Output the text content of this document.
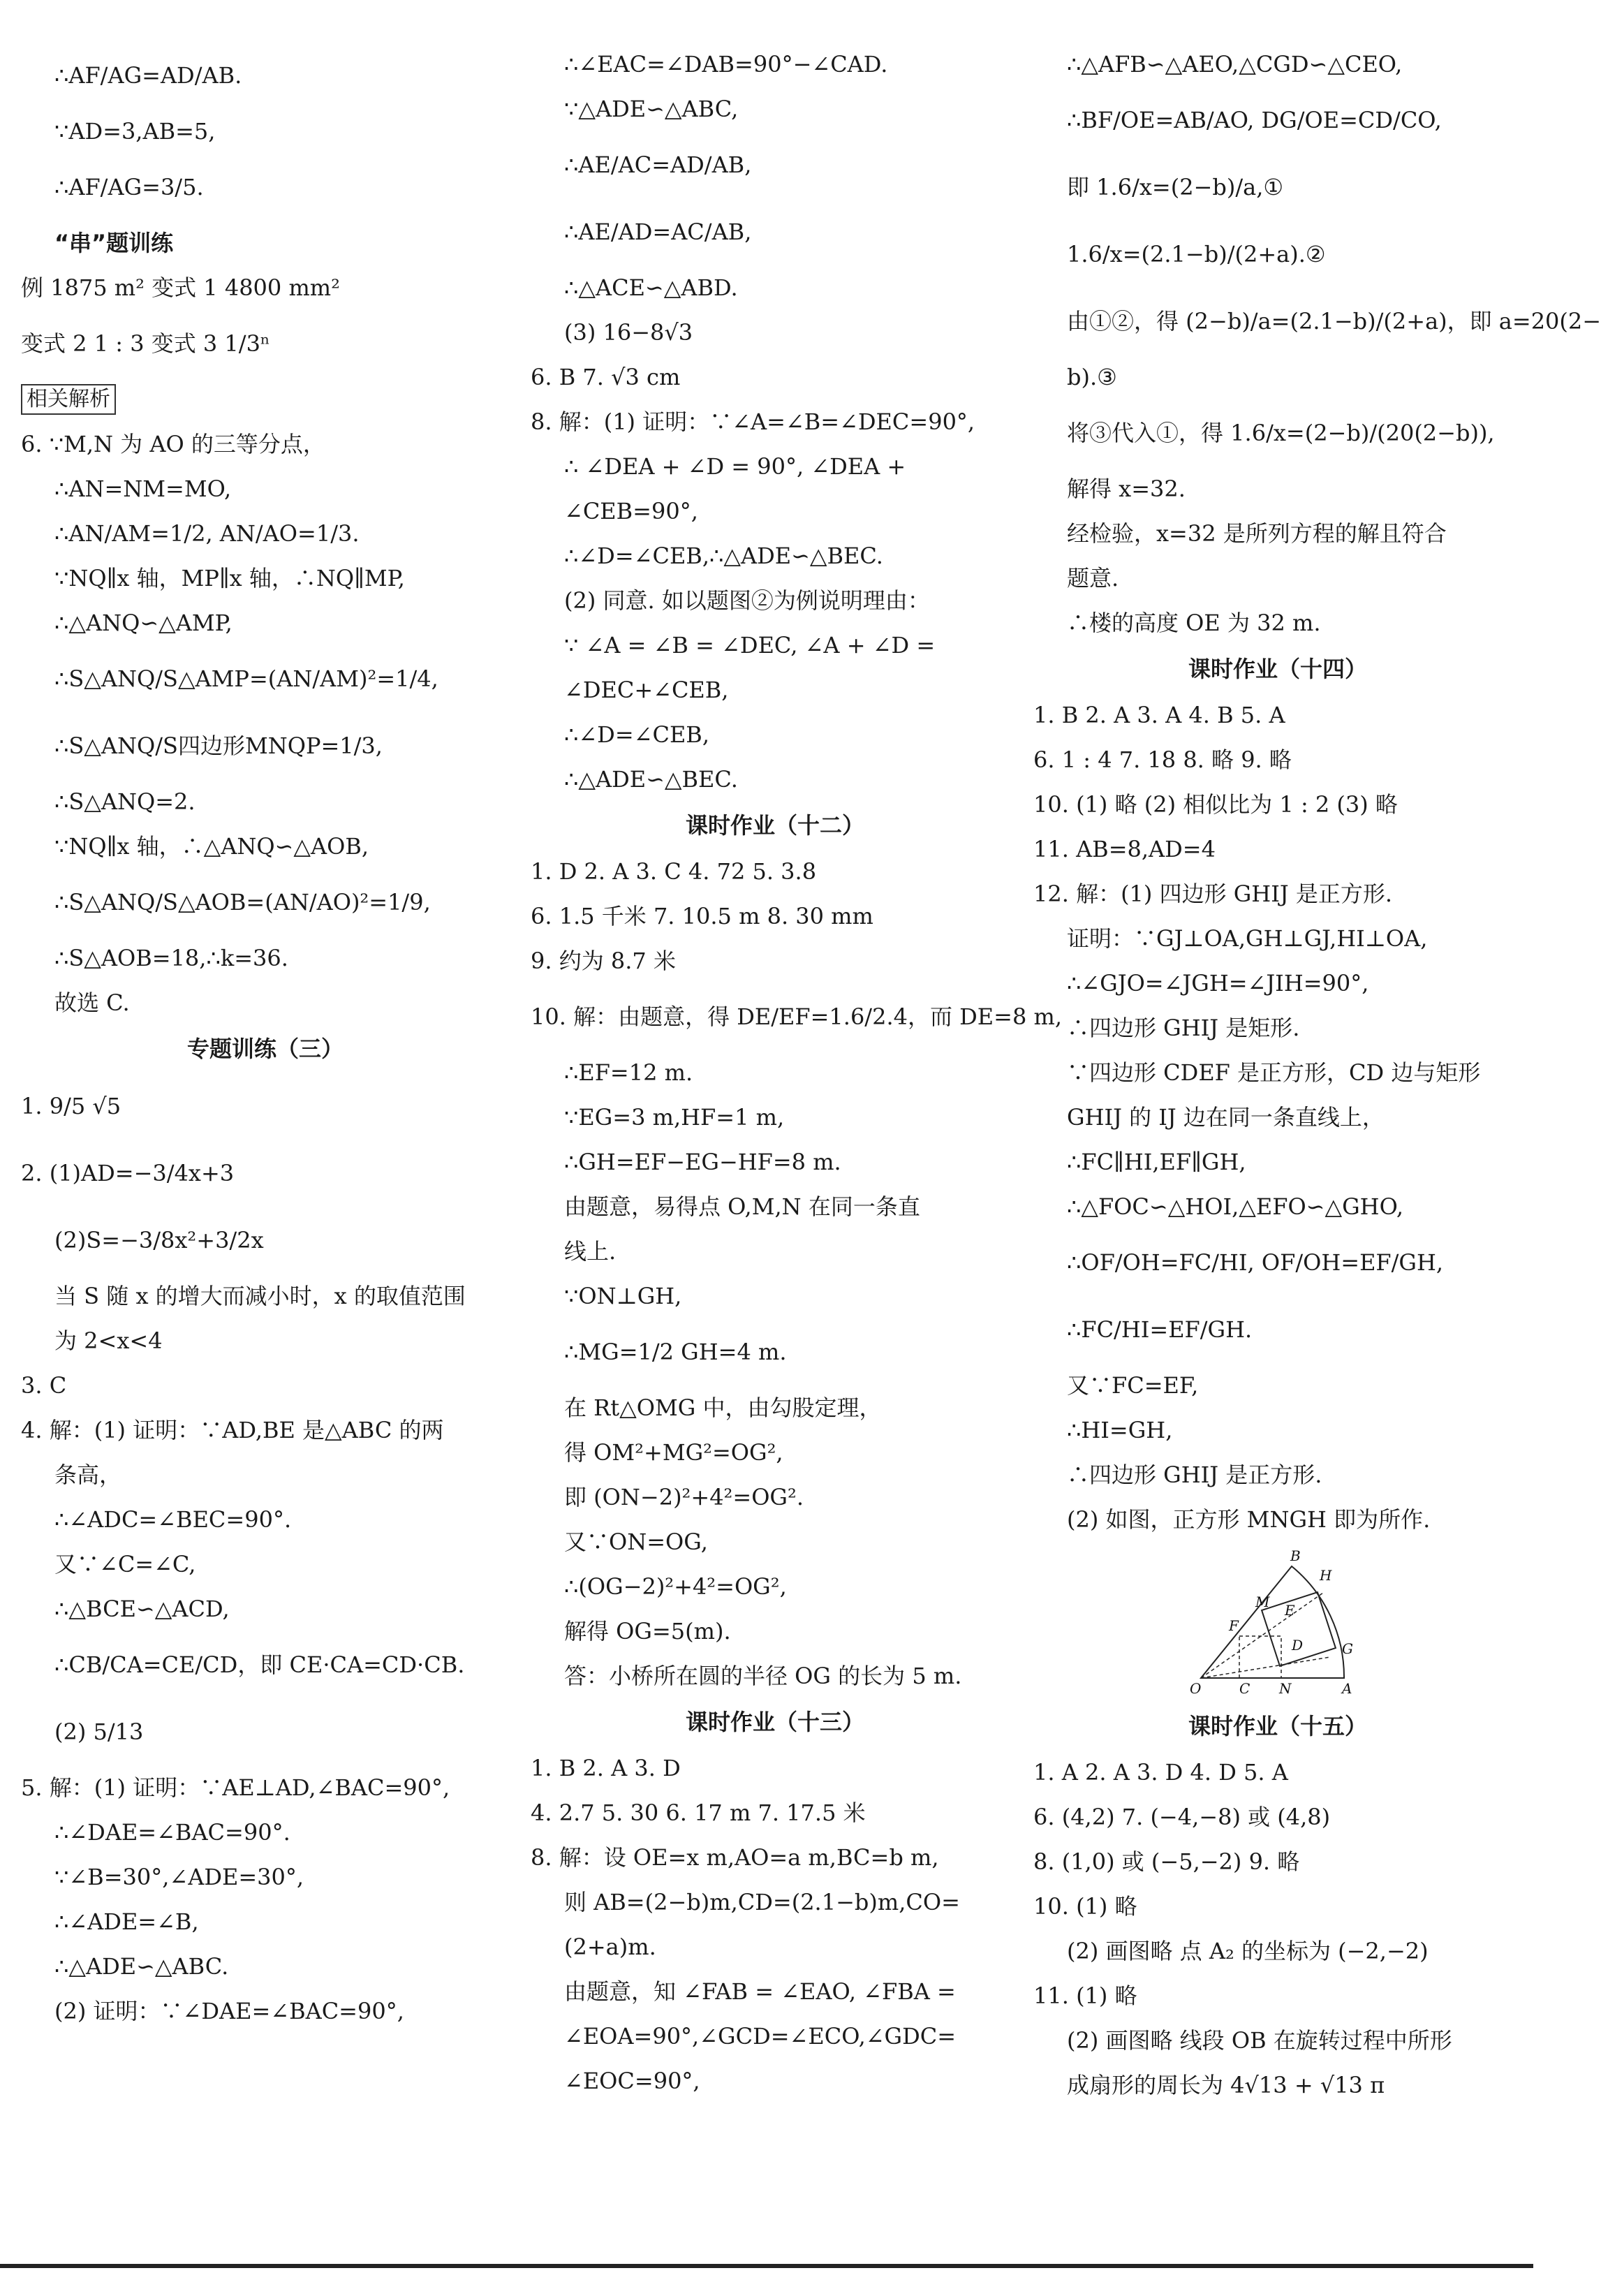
∴AF/AG=AD/AB.
∵AD=3,AB=5,
∴AF/AG=3/5.
“串”题训练
例 1875 m² 变式 1 4800 mm²
变式 2 1 : 3 变式 3 1/3ⁿ
相关解析
6. ∵M,N 为 AO 的三等分点，
∴AN=NM=MO,
∴AN/AM=1/2, AN/AO=1/3.
∵NQ∥x 轴，MP∥x 轴，∴NQ∥MP,
∴△ANQ∽△AMP,
∴S△ANQ/S△AMP=(AN/AM)²=1/4,
∴S△ANQ/S四边形MNQP=1/3,
∴S△ANQ=2.
∵NQ∥x 轴，∴△ANQ∽△AOB,
∴S△ANQ/S△AOB=(AN/AO)²=1/9,
∴S△AOB=18,∴k=36.
故选 C.
专题训练（三）
1. 9/5 √5
2. (1)AD=−3/4x+3
(2)S=−3/8x²+3/2x
当 S 随 x 的增大而减小时，x 的取值范围
为 2<x<4
3. C
4. 解：(1) 证明：∵AD,BE 是△ABC 的两
条高，
∴∠ADC=∠BEC=90°.
又∵∠C=∠C,
∴△BCE∽△ACD,
∴CB/CA=CE/CD，即 CE·CA=CD·CB.
(2) 5/13
5. 解：(1) 证明：∵AE⊥AD,∠BAC=90°,
∴∠DAE=∠BAC=90°.
∵∠B=30°,∠ADE=30°,
∴∠ADE=∠B,
∴△ADE∽△ABC.
(2) 证明：∵∠DAE=∠BAC=90°,
∴∠EAC=∠DAB=90°−∠CAD.
∵△ADE∽△ABC,
∴AE/AC=AD/AB,
∴AE/AD=AC/AB,
∴△ACE∽△ABD.
(3) 16−8√3
6. B 7. √3 cm
8. 解：(1) 证明：∵∠A=∠B=∠DEC=90°,
∴ ∠DEA + ∠D = 90°, ∠DEA +
∠CEB=90°,
∴∠D=∠CEB,∴△ADE∽△BEC.
(2) 同意. 如以题图②为例说明理由：
∵ ∠A = ∠B = ∠DEC, ∠A + ∠D =
∠DEC+∠CEB,
∴∠D=∠CEB,
∴△ADE∽△BEC.
课时作业（十二）
1. D 2. A 3. C 4. 72 5. 3.8
6. 1.5 千米 7. 10.5 m 8. 30 mm
9. 约为 8.7 米
10. 解：由题意，得 DE/EF=1.6/2.4，而 DE=8 m,
∴EF=12 m.
∵EG=3 m,HF=1 m,
∴GH=EF−EG−HF=8 m.
由题意，易得点 O,M,N 在同一条直
线上.
∵ON⊥GH,
∴MG=1/2 GH=4 m.
在 Rt△OMG 中，由勾股定理，
得 OM²+MG²=OG²,
即 (ON−2)²+4²=OG².
又∵ON=OG,
∴(OG−2)²+4²=OG²,
解得 OG=5(m).
答：小桥所在圆的半径 OG 的长为 5 m.
课时作业（十三）
1. B 2. A 3. D
4. 2.7 5. 30 6. 17 m 7. 17.5 米
8. 解：设 OE=x m,AO=a m,BC=b m,
则 AB=(2−b)m,CD=(2.1−b)m,CO=
(2+a)m.
由题意，知 ∠FAB = ∠EAO, ∠FBA =
∠EOA=90°,∠GCD=∠ECO,∠GDC=
∠EOC=90°,
∴△AFB∽△AEO,△CGD∽△CEO,
∴BF/OE=AB/AO, DG/OE=CD/CO,
即 1.6/x=(2−b)/a,①
1.6/x=(2.1−b)/(2+a).②
由①②，得 (2−b)/a=(2.1−b)/(2+a)，即 a=20(2−
b).③
将③代入①，得 1.6/x=(2−b)/(20(2−b)),
解得 x=32.
经检验，x=32 是所列方程的解且符合
题意.
∴楼的高度 OE 为 32 m.
课时作业（十四）
1. B 2. A 3. A 4. B 5. A
6. 1 : 4 7. 18 8. 略 9. 略
10. (1) 略 (2) 相似比为 1 : 2 (3) 略
11. AB=8,AD=4
12. 解：(1) 四边形 GHIJ 是正方形.
证明：∵GJ⊥OA,GH⊥GJ,HI⊥OA,
∴∠GJO=∠JGH=∠JIH=90°,
∴四边形 GHIJ 是矩形.
∵四边形 CDEF 是正方形，CD 边与矩形
GHIJ 的 IJ 边在同一条直线上，
∴FC∥HI,EF∥GH,
∴△FOC∽△HOI,△EFO∽△GHO,
∴OF/OH=FC/HI, OF/OH=EF/GH,
∴FC/HI=EF/GH.
又∵FC=EF,
∴HI=GH,
∴四边形 GHIJ 是正方形.
(2) 如图，正方形 MNGH 即为所作.
B
H
M E
F
D	G
O	C N	A
课时作业（十五）
1. A 2. A 3. D 4. D 5. A
6. (4,2) 7. (−4,−8) 或 (4,8)
8. (1,0) 或 (−5,−2) 9. 略
10. (1) 略
(2) 画图略 点 A₂ 的坐标为 (−2,−2)
11. (1) 略
(2) 画图略 线段 OB 在旋转过程中所形
成扇形的周长为 4√13 + √13 π
